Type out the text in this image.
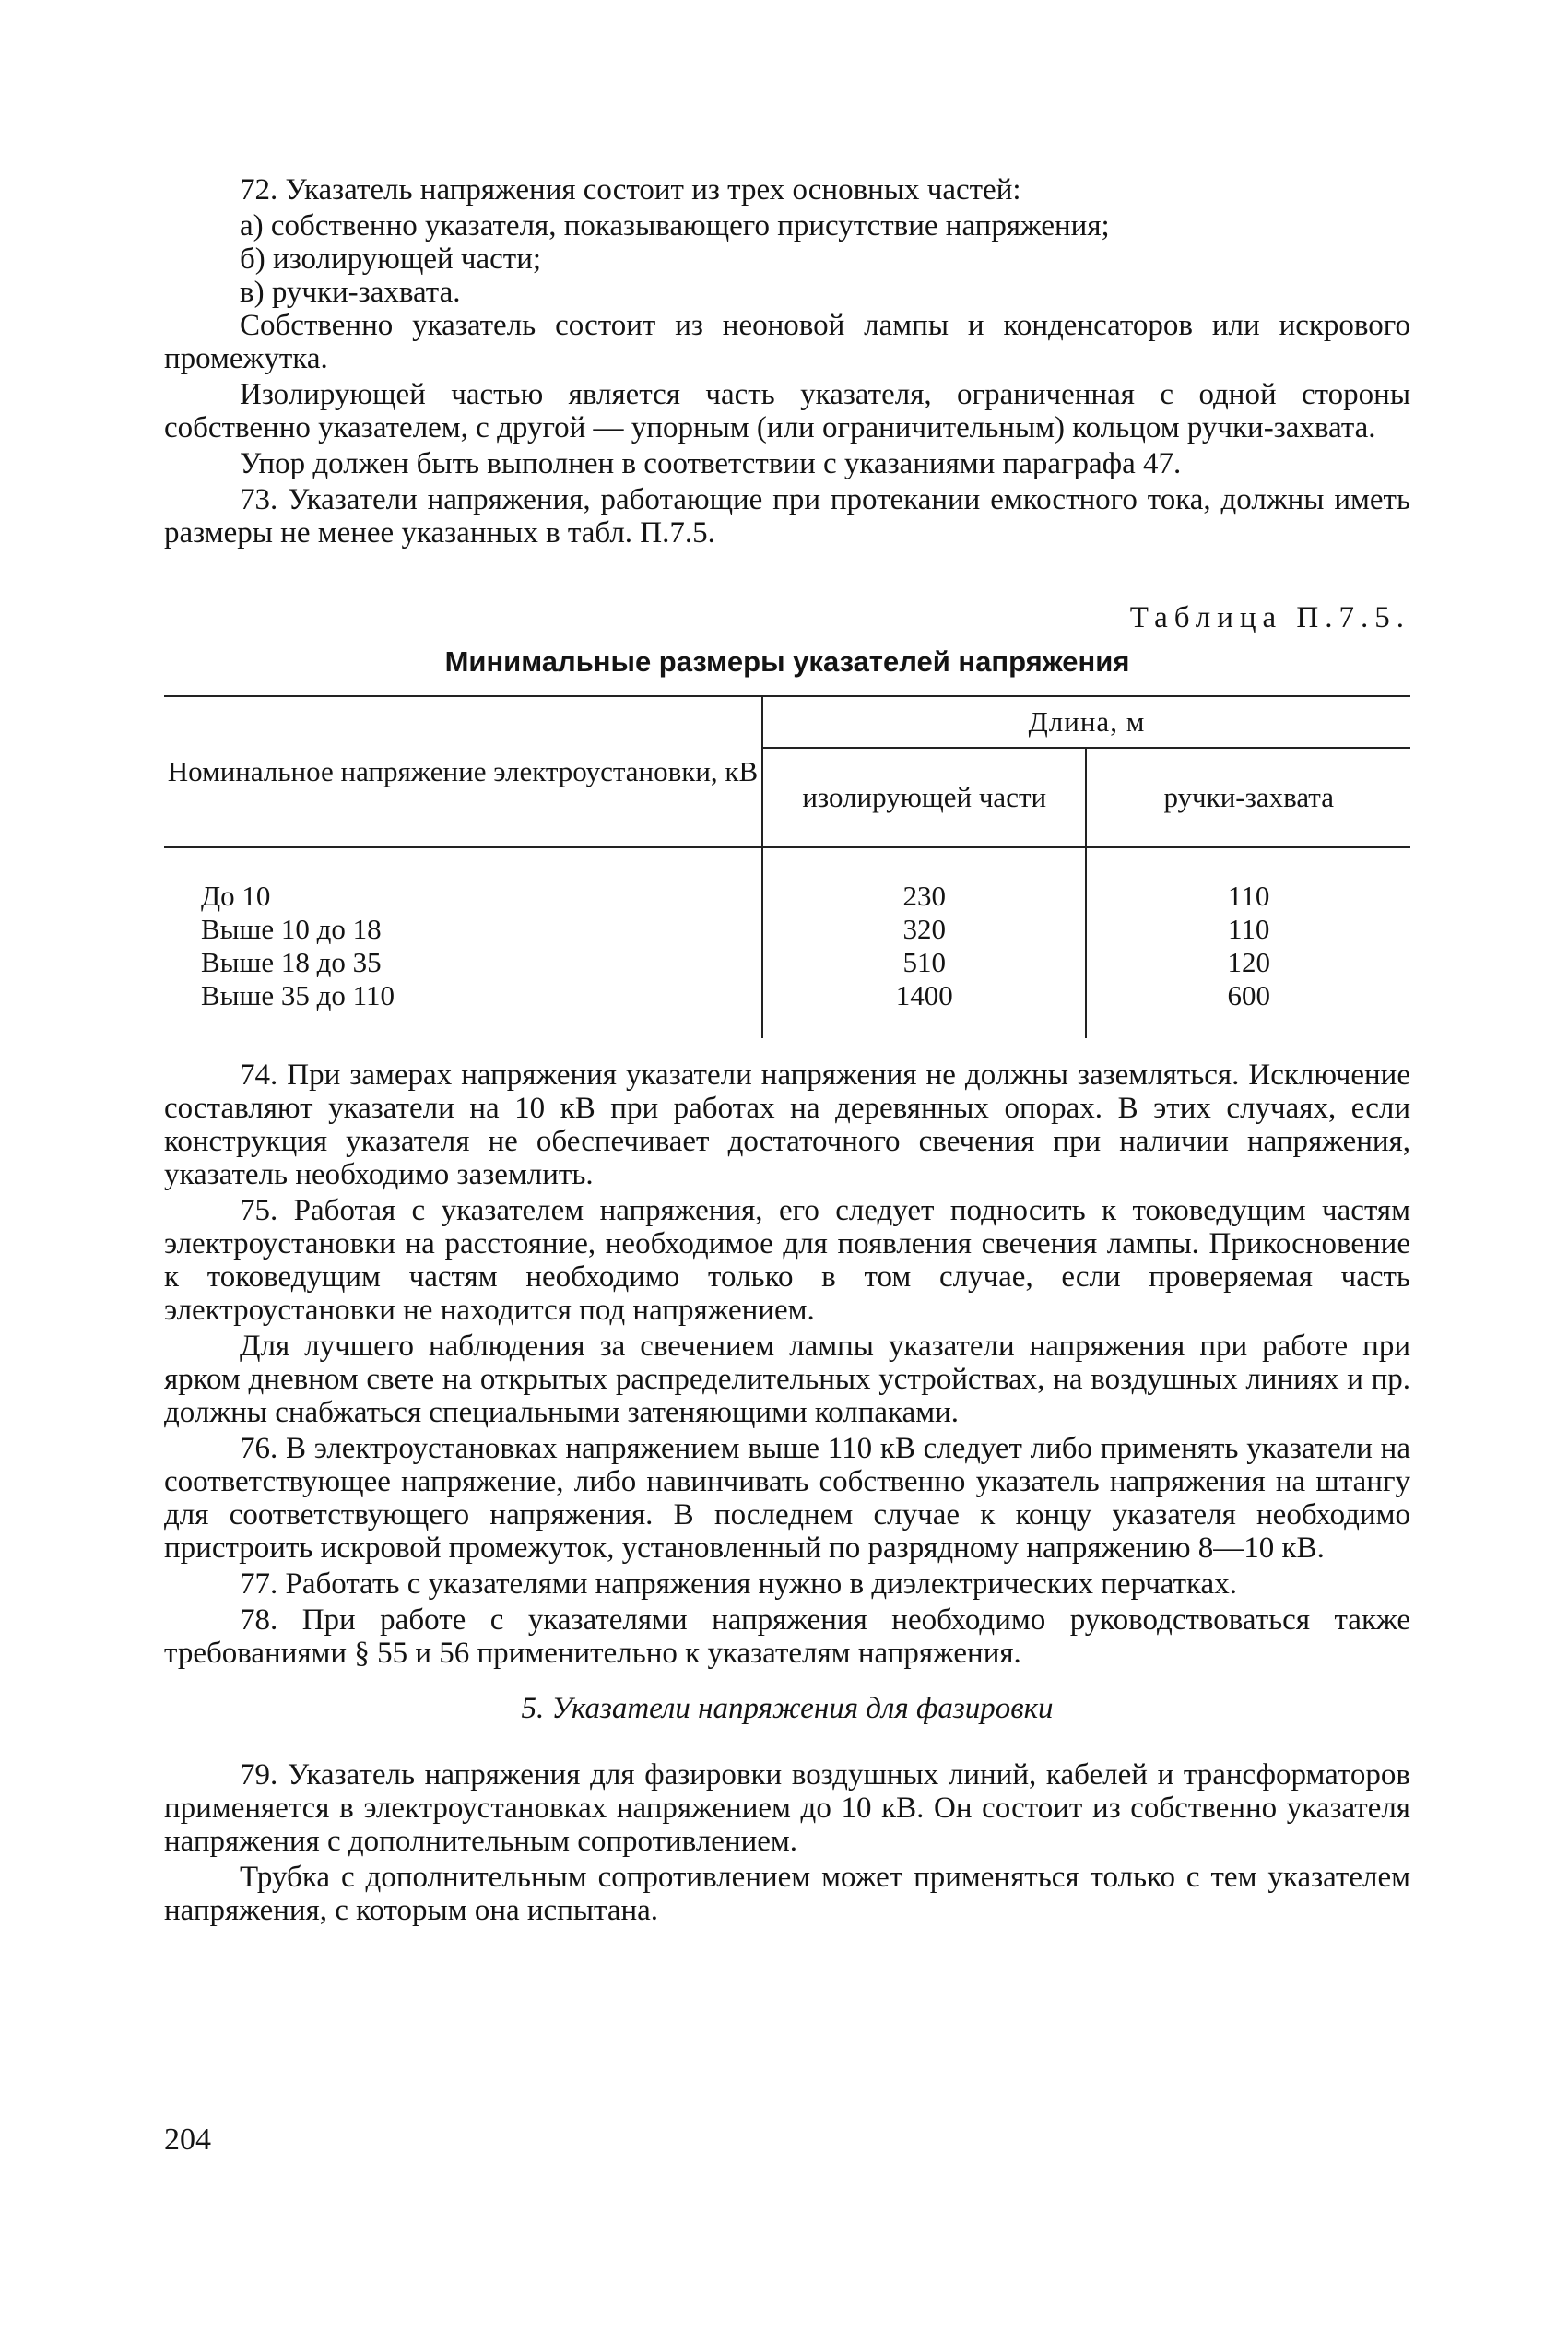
72. Указатель напряжения состоит из трех основных частей:

а) собственно указателя, показывающего присутствие напряжения;

б) изолирующей части;

в) ручки-захвата.

Собственно указатель состоит из неоновой лампы и конденсаторов или искрового промежутка.

Изолирующей частью является часть указателя, ограниченная с одной стороны собственно указателем, с другой — упорным (или ограничительным) кольцом ручки-захвата.

Упор должен быть выполнен в соответствии с указаниями параграфа 47.

73. Указатели напряжения, работающие при протекании емкостного тока, должны иметь размеры не менее указанных в табл. П.7.5.

Таблица П.7.5.
Минимальные размеры указателей напряжения
Номинальное напряжение электроустановки, кВ	Длина, м	
	изолирующей части	ручки-захвата
До 10	230	110
Выше 10 до 18	320	110
Выше 18 до 35	510	120
Выше 35 до 110	1400	600

74. При замерах напряжения указатели напряжения не должны заземляться. Исключение составляют указатели на 10 кВ при работах на деревянных опорах. В этих случаях, если конструкция указателя не обеспечивает достаточного свечения при наличии напряжения, указатель необходимо заземлить.

75. Работая с указателем напряжения, его следует подносить к токоведущим частям электроустановки на расстояние, необходимое для появления свечения лампы. Прикосновение к токоведущим частям необходимо только в том случае, если проверяемая часть электроустановки не находится под напряжением.

Для лучшего наблюдения за свечением лампы указатели напряжения при работе при ярком дневном свете на открытых распределительных устройствах, на воздушных линиях и пр. должны снабжаться специальными затеняющими колпаками.

76. В электроустановках напряжением выше 110 кВ следует либо применять указатели на соответствующее напряжение, либо навинчивать собственно указатель напряжения на штангу для соответствующего напряжения. В последнем случае к концу указателя необходимо пристроить искровой промежуток, установленный по разрядному напряжению 8—10 кВ.

77. Работать с указателями напряжения нужно в диэлектрических перчатках.

78. При работе с указателями напряжения необходимо руководствоваться также требованиями § 55 и 56 применительно к указателям напряжения.

5. Указатели напряжения для фазировки

79. Указатель напряжения для фазировки воздушных линий, кабелей и трансформаторов применяется в электроустановках напряжением до 10 кВ. Он состоит из собственно указателя напряжения с дополнительным сопротивлением.

Трубка с дополнительным сопротивлением может применяться только с тем указателем напряжения, с которым она испытана.

204
